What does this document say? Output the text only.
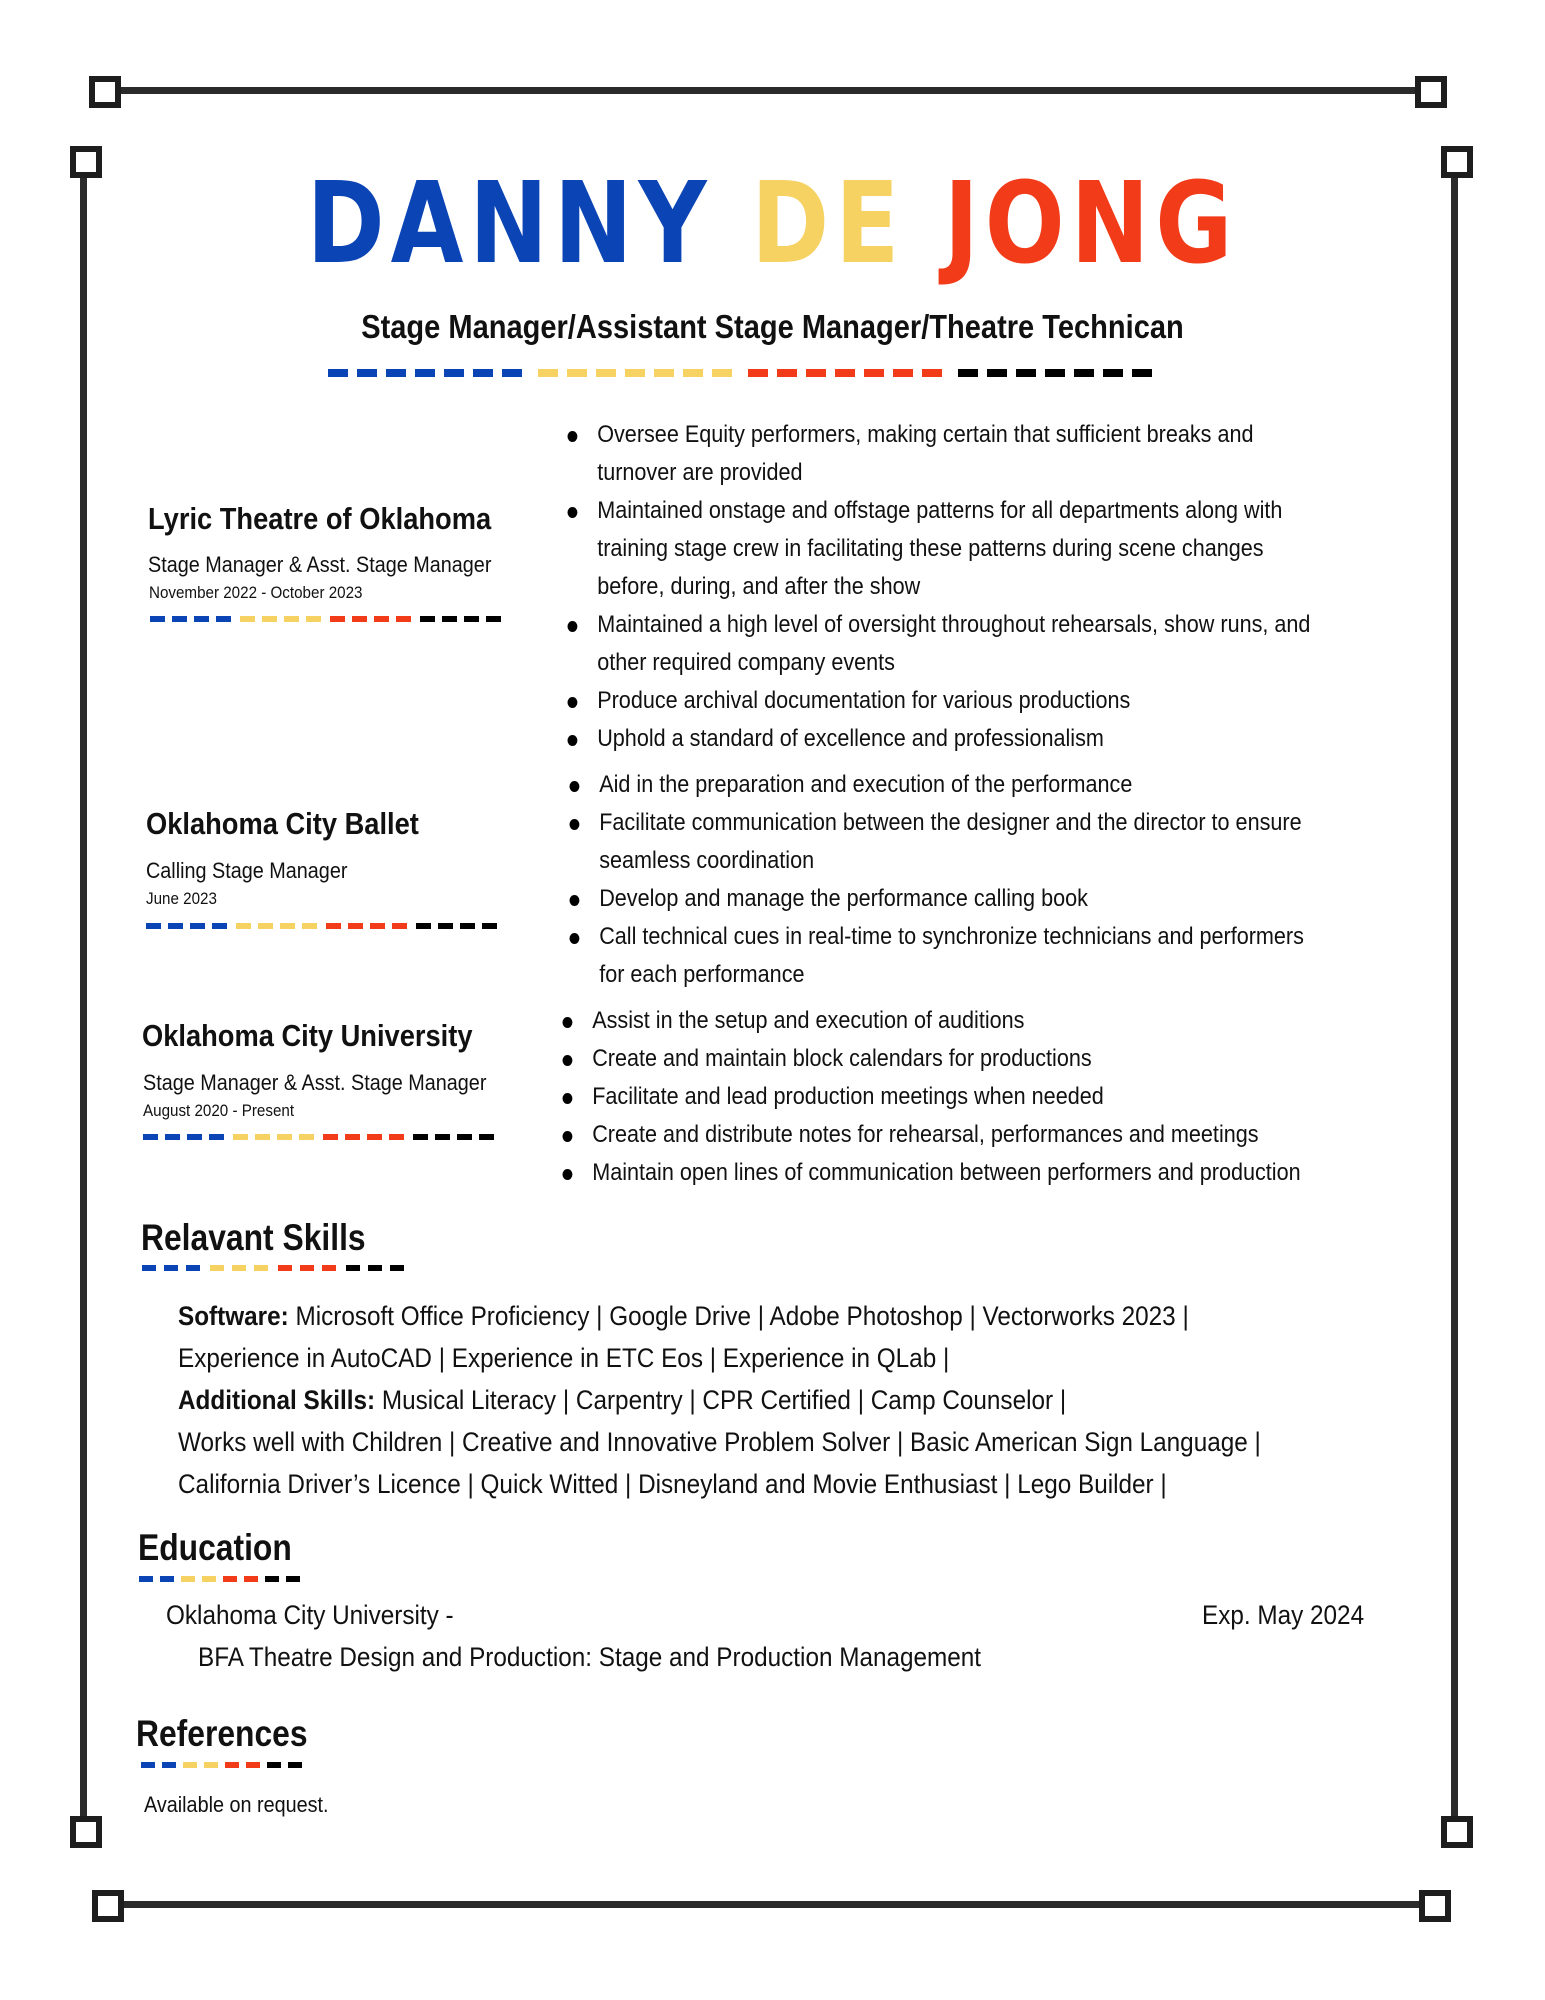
DANNY DE JONG
Stage Manager/Assistant Stage Manager/Theatre Technican
Lyric Theatre of Oklahoma
Stage Manager & Asst. Stage Manager
November 2022 - October 2023
Oversee Equity performers, making certain that sufficient breaks and
turnover are provided
Maintained onstage and offstage patterns for all departments along with
training stage crew in facilitating these patterns during scene changes
before, during, and after the show
Maintained a high level of oversight throughout rehearsals, show runs, and
other required company events
Produce archival documentation for various productions
Uphold a standard of excellence and professionalism
Oklahoma City Ballet
Calling Stage Manager
June 2023
Aid in the preparation and execution of the performance
Facilitate communication between the designer and the director to ensure
seamless coordination
Develop and manage the performance calling book
Call technical cues in real-time to synchronize technicians and performers
for each performance
Oklahoma City University
Stage Manager & Asst. Stage Manager
August 2020 - Present
Assist in the setup and execution of auditions
Create and maintain block calendars for productions
Facilitate and lead production meetings when needed
Create and distribute notes for rehearsal, performances and meetings
Maintain open lines of communication between performers and production
Relavant Skills
Software: Microsoft Office Proficiency | Google Drive | Adobe Photoshop | Vectorworks 2023 |
Experience in AutoCAD | Experience in ETC Eos | Experience in QLab |
Additional Skills: Musical Literacy | Carpentry | CPR Certified | Camp Counselor |
Works well with Children | Creative and Innovative Problem Solver | Basic American Sign Language |
California Driver’s Licence | Quick Witted | Disneyland and Movie Enthusiast | Lego Builder |
Education
Oklahoma City University -	Exp. May 2024
BFA Theatre Design and Production: Stage and Production Management
References
Available on request.
